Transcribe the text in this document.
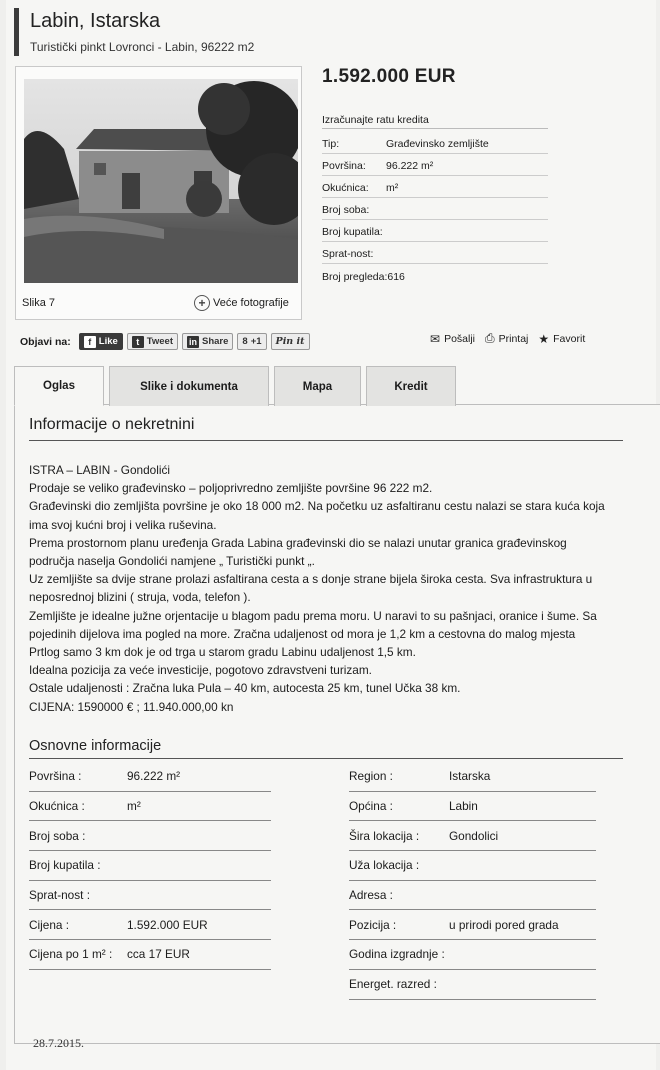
Labin, Istarska
Turistički pinkt Lovronci - Labin, 96222 m2
Slika 7	+ Veće fotografije
1.592.000 EUR
Izračunajte ratu kredita
Tip:	Građevinsko zemljište
Površina:	96.222 m²
Okućnica:	m²
Broj soba:
Broj kupatila:
Sprat-nost:
Broj pregleda: 616
Objavi na:	f Like	t Tweet in Share 8 +1 Pin it	✉ Pošalji ⎙ Printaj ★ Favorit
Oglas	Slike i dokumenta	Mapa	Kredit
Informacije o nekretnini

ISTRA – LABIN - Gondolići

Prodaje se veliko građevinsko – poljoprivredno zemljište površine 96 222 m2.

Građevinski dio zemljišta površine je oko 18 000 m2. Na početku uz asfaltiranu cestu nalazi se stara kuća koja

ima svoj kućni broj i velika ruševina.

Prema prostornom planu uređenja Grada Labina građevinski dio se nalazi unutar granica građevinskog

područja naselja Gondolići namjene „ Turistički punkt „.

Uz zemljište sa dvije strane prolazi asfaltirana cesta a s donje strane bijela široka cesta. Sva infrastruktura u

neposrednoj blizini ( struja, voda, telefon ).

Zemljište je idealne južne orjentacije u blagom padu prema moru. U naravi to su pašnjaci, oranice i šume. Sa

pojedinih dijelova ima pogled na more. Zračna udaljenost od mora je 1,2 km a cestovna do malog mjesta

Prtlog samo 3 km dok je od trga u starom gradu Labinu udaljenost 1,5 km.

Idealna pozicija za veće investicije, pogotovo zdravstveni turizam.

Ostale udaljenosti : Zračna luka Pula – 40 km, autocesta 25 km, tunel Učka 38 km.

CIJENA: 1590000 € ; 11.940.000,00 kn

Osnovne informacije
Površina :	96.222 m²
Okućnica :	m²
Broj soba :
Broj kupatila :
Sprat-nost :
Cijena :	1.592.000 EUR
Cijena po 1 m² :	cca 17 EUR
Region :	Istarska
Općina :	Labin
Šira lokacija :	Gondolici
Uža lokacija :
Adresa :
Pozicija :	u prirodi pored grada
Godina izgradnje :
Energet. razred :
28.7.2015.
